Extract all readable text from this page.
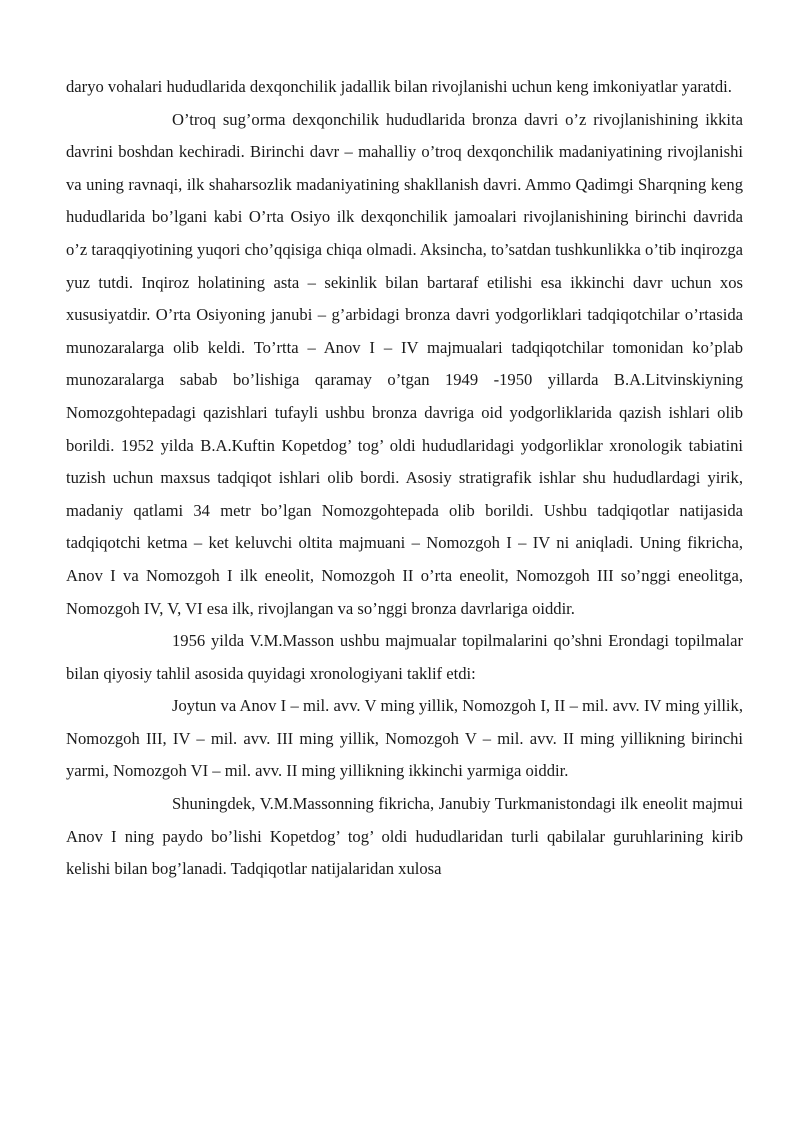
daryo vohalari hududlarida dexqonchilik jadallik bilan rivojlanishi uchun keng imkoniyatlar yaratdi.

O’troq sug’orma dexqonchilik hududlarida bronza davri o’z rivojlanishining ikkita davrini boshdan kechiradi. Birinchi davr – mahalliy o’troq dexqonchilik madaniyatining rivojlanishi va uning ravnaqi, ilk shaharsozlik madaniyatining shakllanish davri. Ammo Qadimgi Sharqning keng hududlarida bo’lgani kabi O’rta Osiyo ilk dexqonchilik jamoalari rivojlanishining birinchi davrida o’z taraqqiyotining yuqori cho’qqisiga chiqa olmadi. Aksincha, to’satdan tushkunlikka o’tib inqirozga yuz tutdi. Inqiroz holatining asta – sekinlik bilan bartaraf etilishi esa ikkinchi davr uchun xos xususiyatdir. O’rta Osiyoning janubi – g’arbidagi bronza davri yodgorliklari tadqiqotchilar o’rtasida munozaralarga olib keldi. To’rtta – Anov I – IV majmualari tadqiqotchilar tomonidan ko’plab munozaralarga sabab bo’lishiga qaramay o’tgan 1949 -1950 yillarda B.A.Litvinskiyning Nomozgohtepadagi qazishlari tufayli ushbu bronza davriga oid yodgorliklarida qazish ishlari olib borildi. 1952 yilda B.A.Kuftin Kopetdog’ tog’ oldi hududlaridagi yodgorliklar xronologik tabiatini tuzish uchun maxsus tadqiqot ishlari olib bordi. Asosiy stratigrafik ishlar shu hududlardagi yirik, madaniy qatlami 34 metr bo’lgan Nomozgohtepada olib borildi. Ushbu tadqiqotlar natijasida tadqiqotchi ketma – ket keluvchi oltita majmuani – Nomozgoh I – IV ni aniqladi. Uning fikricha, Anov I va Nomozgoh I ilk eneolit, Nomozgoh II o’rta eneolit, Nomozgoh III so’nggi eneolitga, Nomozgoh IV, V, VI esa ilk, rivojlangan va so’nggi bronza davrlariga oiddir.

1956 yilda V.M.Masson ushbu majmualar topilmalarini qo’shni Erondagi topilmalar bilan qiyosiy tahlil asosida quyidagi xronologiyani taklif etdi:

Joytun va Anov I – mil. avv. V ming yillik, Nomozgoh I, II – mil. avv. IV ming yillik, Nomozgoh III, IV – mil. avv. III ming yillik, Nomozgoh V – mil. avv. II ming yillikning birinchi yarmi, Nomozgoh VI – mil. avv. II ming yillikning ikkinchi yarmiga oiddir.

Shuningdek, V.M.Massonning fikricha, Janubiy Turkmanistondagi ilk eneolit majmui Anov I ning paydo bo’lishi Kopetdog’ tog’ oldi hududlaridan turli qabilalar guruhlarining kirib kelishi bilan bog’lanadi. Tadqiqotlar natijalaridan xulosa
